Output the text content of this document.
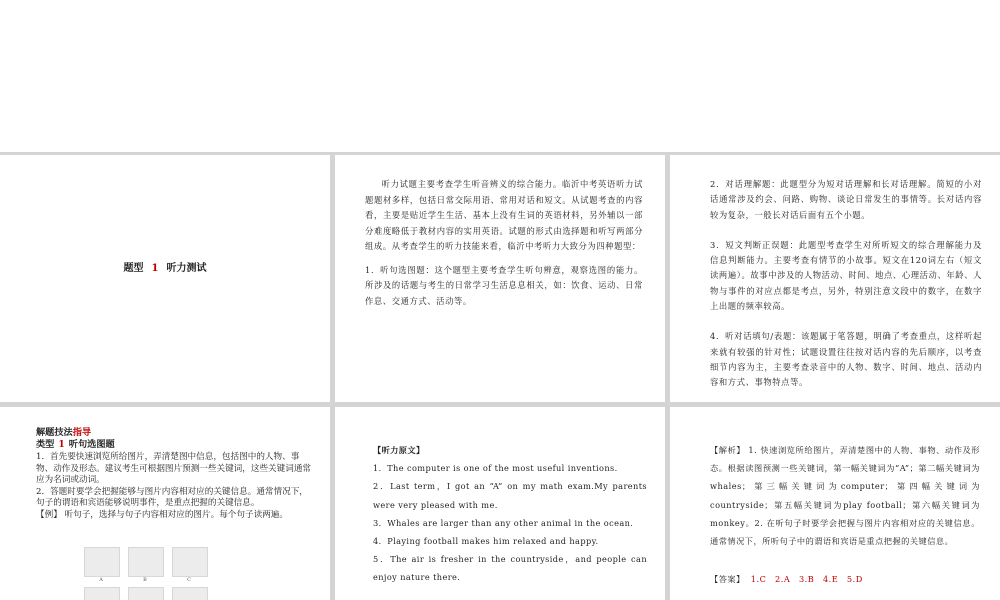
题型 1 听力测试

听力试题主要考查学生听音辨义的综合能力。临沂中考英语听力试题题材多样，包括日常交际用语、常用对话和短文。从试题考查的内容看，主要是贴近学生生活、基本上没有生词的英语材料，另外辅以一部分难度略低于教材内容的实用英语。试题的形式由选择题和听写两部分组成。从考查学生的听力技能来看，临沂中考听力大致分为四种题型：

1．听句选图题：这个题型主要考查学生听句辨意，观察选图的能力。所涉及的话题与考生的日常学习生活息息相关，如：饮食、运动、日常作息、交通方式、活动等。

2．对话理解题：此题型分为短对话理解和长对话理解。简短的小对话通常涉及约会、问路、购物、谈论日常发生的事情等。长对话内容较为复杂，一般长对话后面有五个小题。

3．短文判断正误题：此题型考查学生对所听短文的综合理解能力及信息判断能力。主要考查有情节的小故事。短文在120词左右（短文读两遍）。故事中涉及的人物活动、时间、地点、心理活动、年龄、人物与事件的对应点都是考点，另外，特别注意文段中的数字，在数字上出题的频率较高。

4．听对话填句/表题：该题属于笔答题，明确了考查重点，这样听起来就有较强的针对性；试题设置往往按对话内容的先后顺序，以考查细节内容为主，主要考查录音中的人物、数字、时间、地点、活动内容和方式、事物特点等。

解题技法指导
类型 1 听句选图题

1．首先要快速浏览所给图片，弄清楚图中信息，包括图中的人物、事物、动作及形态。建议考生可根据图片预测一些关键词，这些关键词通常应为名词或动词。

2．答题时要学会把握能够与图片内容相对应的关键信息。通常情况下，句子的谓语和宾语能够说明事件，是重点把握的关键信息。

【例】 听句子，选择与句子内容相对应的图片。每个句子读两遍。

A	B	C

【听力原文】

1．The computer is one of the most useful inventions.

2．Last term，I got an “A” on my math exam.My parents were very pleased with me.

3．Whales are larger than any other animal in the ocean.

4．Playing football makes him relaxed and happy.

5．The air is fresher in the countryside，and people can enjoy nature there.

【解析】 1. 快速浏览所给图片，弄清楚图中的人物、事物、动作及形态。根据读图预测一些关键词，第一幅关键词为“A”；第二幅关键词为whales；第三幅关键词为computer；第四幅关键词为countryside；第五幅关键词为play football；第六幅关键词为monkey。2. 在听句子时要学会把握与图片内容相对应的关键信息。通常情况下，所听句子中的谓语和宾语是重点把握的关键信息。

【答案】 1.C　2.A　3.B　4.E　5.D
